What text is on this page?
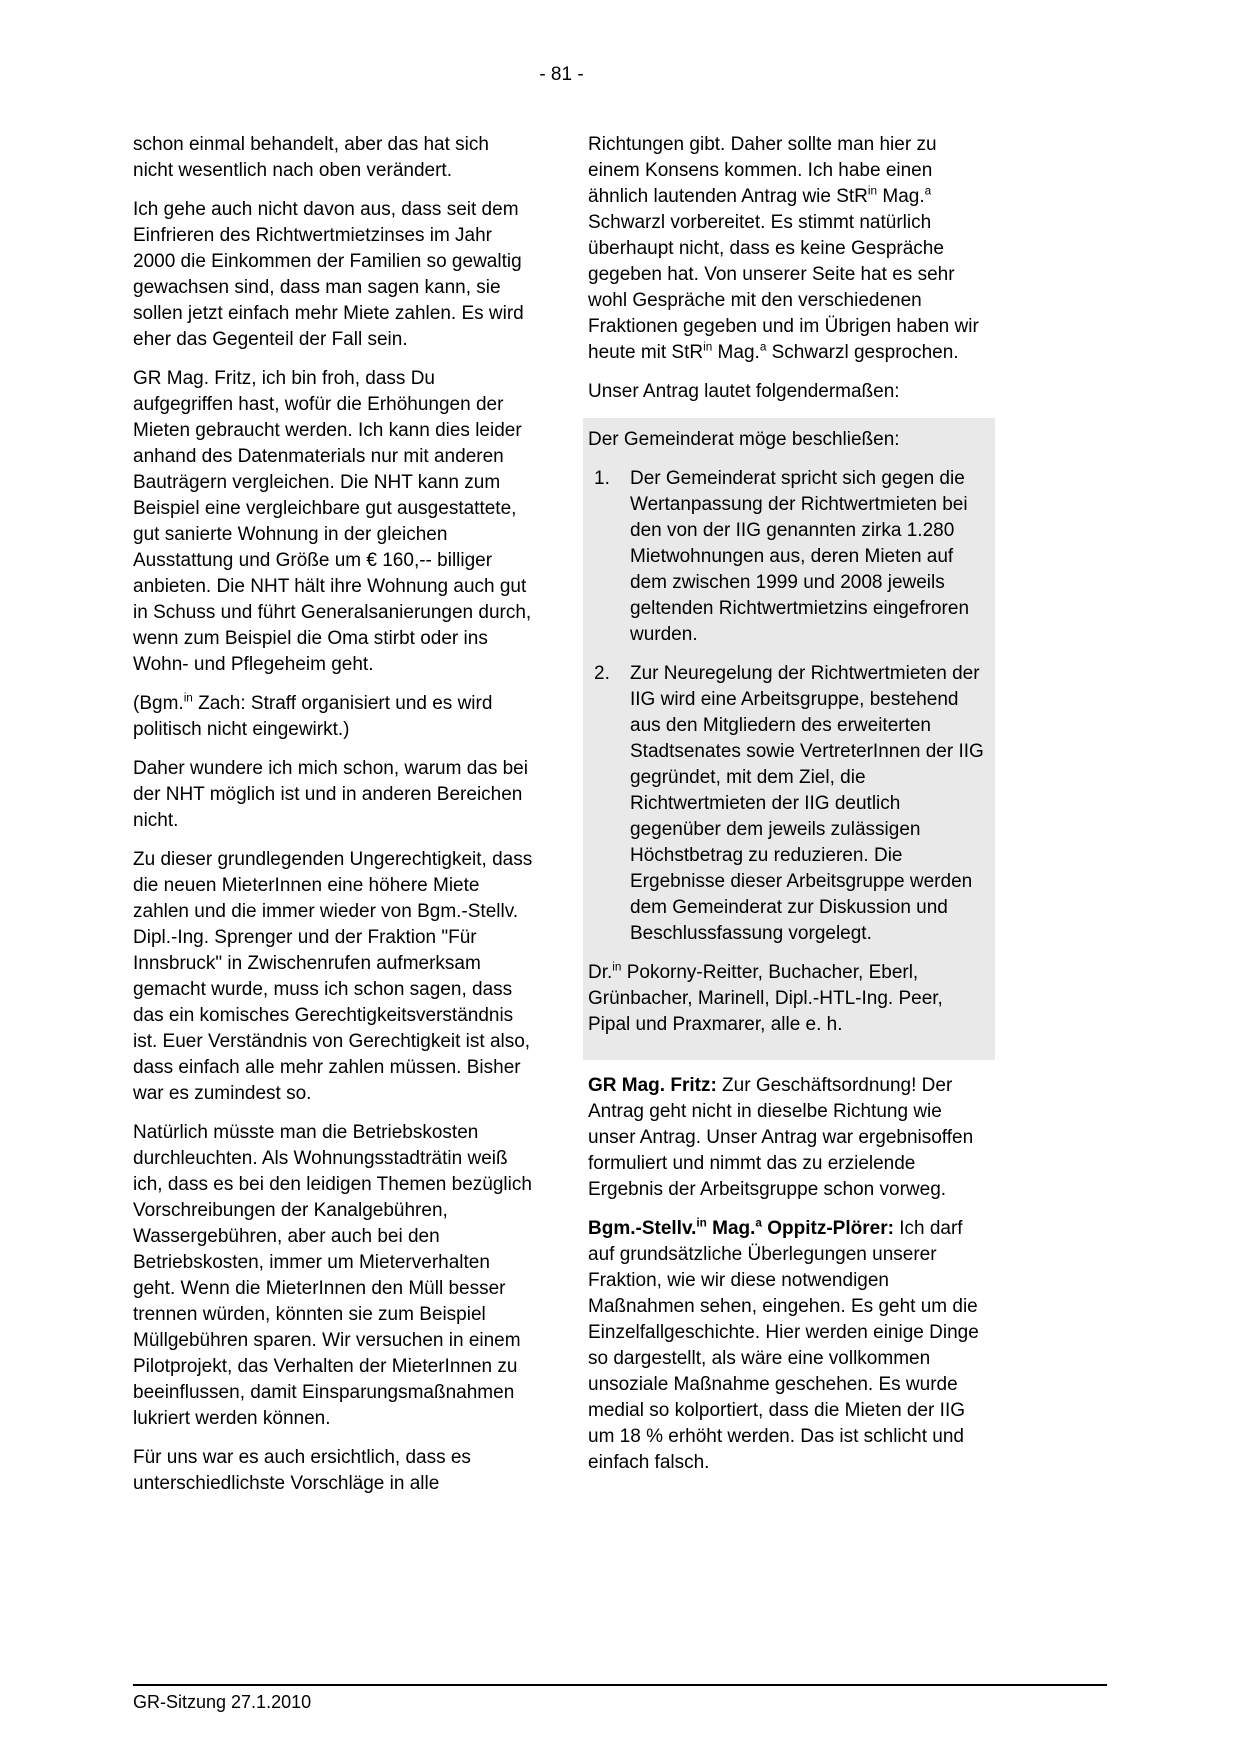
- 81 -

schon einmal behandelt, aber das hat sich nicht wesentlich nach oben verändert.

Ich gehe auch nicht davon aus, dass seit dem Einfrieren des Richtwertmietzinses im Jahr 2000 die Einkommen der Familien so gewaltig gewachsen sind, dass man sagen kann, sie sollen jetzt einfach mehr Miete zahlen. Es wird eher das Gegenteil der Fall sein.

GR Mag. Fritz, ich bin froh, dass Du aufgegriffen hast, wofür die Erhöhungen der Mieten gebraucht werden. Ich kann dies leider anhand des Datenmaterials nur mit anderen Bauträgern vergleichen. Die NHT kann zum Beispiel eine vergleichbare gut ausgestattete, gut sanierte Wohnung in der gleichen Ausstattung und Größe um € 160,-- billiger anbieten. Die NHT hält ihre Wohnung auch gut in Schuss und führt Generalsanierungen durch, wenn zum Beispiel die Oma stirbt oder ins Wohn- und Pflegeheim geht.

(Bgm.$^{in}$ Zach: Straff organisiert und es wird politisch nicht eingewirkt.)

Daher wundere ich mich schon, warum das bei der NHT möglich ist und in anderen Bereichen nicht.

Zu dieser grundlegenden Ungerechtigkeit, dass die neuen MieterInnen eine höhere Miete zahlen und die immer wieder von Bgm.-Stellv. Dipl.-Ing. Sprenger und der Fraktion "Für Innsbruck" in Zwischenrufen aufmerksam gemacht wurde, muss ich schon sagen, dass das ein komisches Gerechtigkeitsverständnis ist. Euer Verständnis von Gerechtigkeit ist also, dass einfach alle mehr zahlen müssen. Bisher war es zumindest so.

Natürlich müsste man die Betriebskosten durchleuchten. Als Wohnungsstadträtin weiß ich, dass es bei den leidigen Themen bezüglich Vorschreibungen der Kanalgebühren, Wassergebühren, aber auch bei den Betriebskosten, immer um Mieterverhalten geht. Wenn die MieterInnen den Müll besser trennen würden, könnten sie zum Beispiel Müllgebühren sparen. Wir versuchen in einem Pilotprojekt, das Verhalten der MieterInnen zu beeinflussen, damit Einsparungsmaßnahmen lukriert werden können.

Für uns war es auch ersichtlich, dass es unterschiedlichste Vorschläge in alle

Richtungen gibt. Daher sollte man hier zu einem Konsens kommen. Ich habe einen ähnlich lautenden Antrag wie StR$^{in}$ Mag.$^a$ Schwarzl vorbereitet. Es stimmt natürlich überhaupt nicht, dass es keine Gespräche gegeben hat. Von unserer Seite hat es sehr wohl Gespräche mit den verschiedenen Fraktionen gegeben und im Übrigen haben wir heute mit StR$^{in}$ Mag.$^a$ Schwarzl gesprochen.

Unser Antrag lautet folgendermaßen:

Der Gemeinderat möge beschließen:

1.	Der Gemeinderat spricht sich gegen die Wertanpassung der Richtwertmieten bei den von der IIG genannten zirka 1.280 Mietwohnungen aus, deren Mieten auf dem zwischen 1999 und 2008 jeweils geltenden Richtwertmietzins eingefroren wurden.
2.	Zur Neuregelung der Richtwertmieten der IIG wird eine Arbeitsgruppe, bestehend aus den Mitgliedern des erweiterten Stadtsenates sowie VertreterInnen der IIG gegründet, mit dem Ziel, die Richtwertmieten der IIG deutlich gegenüber dem jeweils zulässigen Höchstbetrag zu reduzieren. Die Ergebnisse dieser Arbeitsgruppe werden dem Gemeinderat zur Diskussion und Beschlussfassung vorgelegt.

Dr.$^{in}$ Pokorny-Reitter, Buchacher, Eberl, Grünbacher, Marinell, Dipl.-HTL-Ing. Peer, Pipal und Praxmarer, alle e. h.

GR Mag. Fritz: Zur Geschäftsordnung! Der Antrag geht nicht in dieselbe Richtung wie unser Antrag. Unser Antrag war ergebnisoffen formuliert und nimmt das zu erzielende Ergebnis der Arbeitsgruppe schon vorweg.

Bgm.-Stellv.$^{in}$ Mag.$^a$ Oppitz-Plörer: Ich darf auf grundsätzliche Überlegungen unserer Fraktion, wie wir diese notwendigen Maßnahmen sehen, eingehen. Es geht um die Einzelfallgeschichte. Hier werden einige Dinge so dargestellt, als wäre eine vollkommen unsoziale Maßnahme geschehen. Es wurde medial so kolportiert, dass die Mieten der IIG um 18 % erhöht werden. Das ist schlicht und einfach falsch.

GR-Sitzung 27.1.2010
